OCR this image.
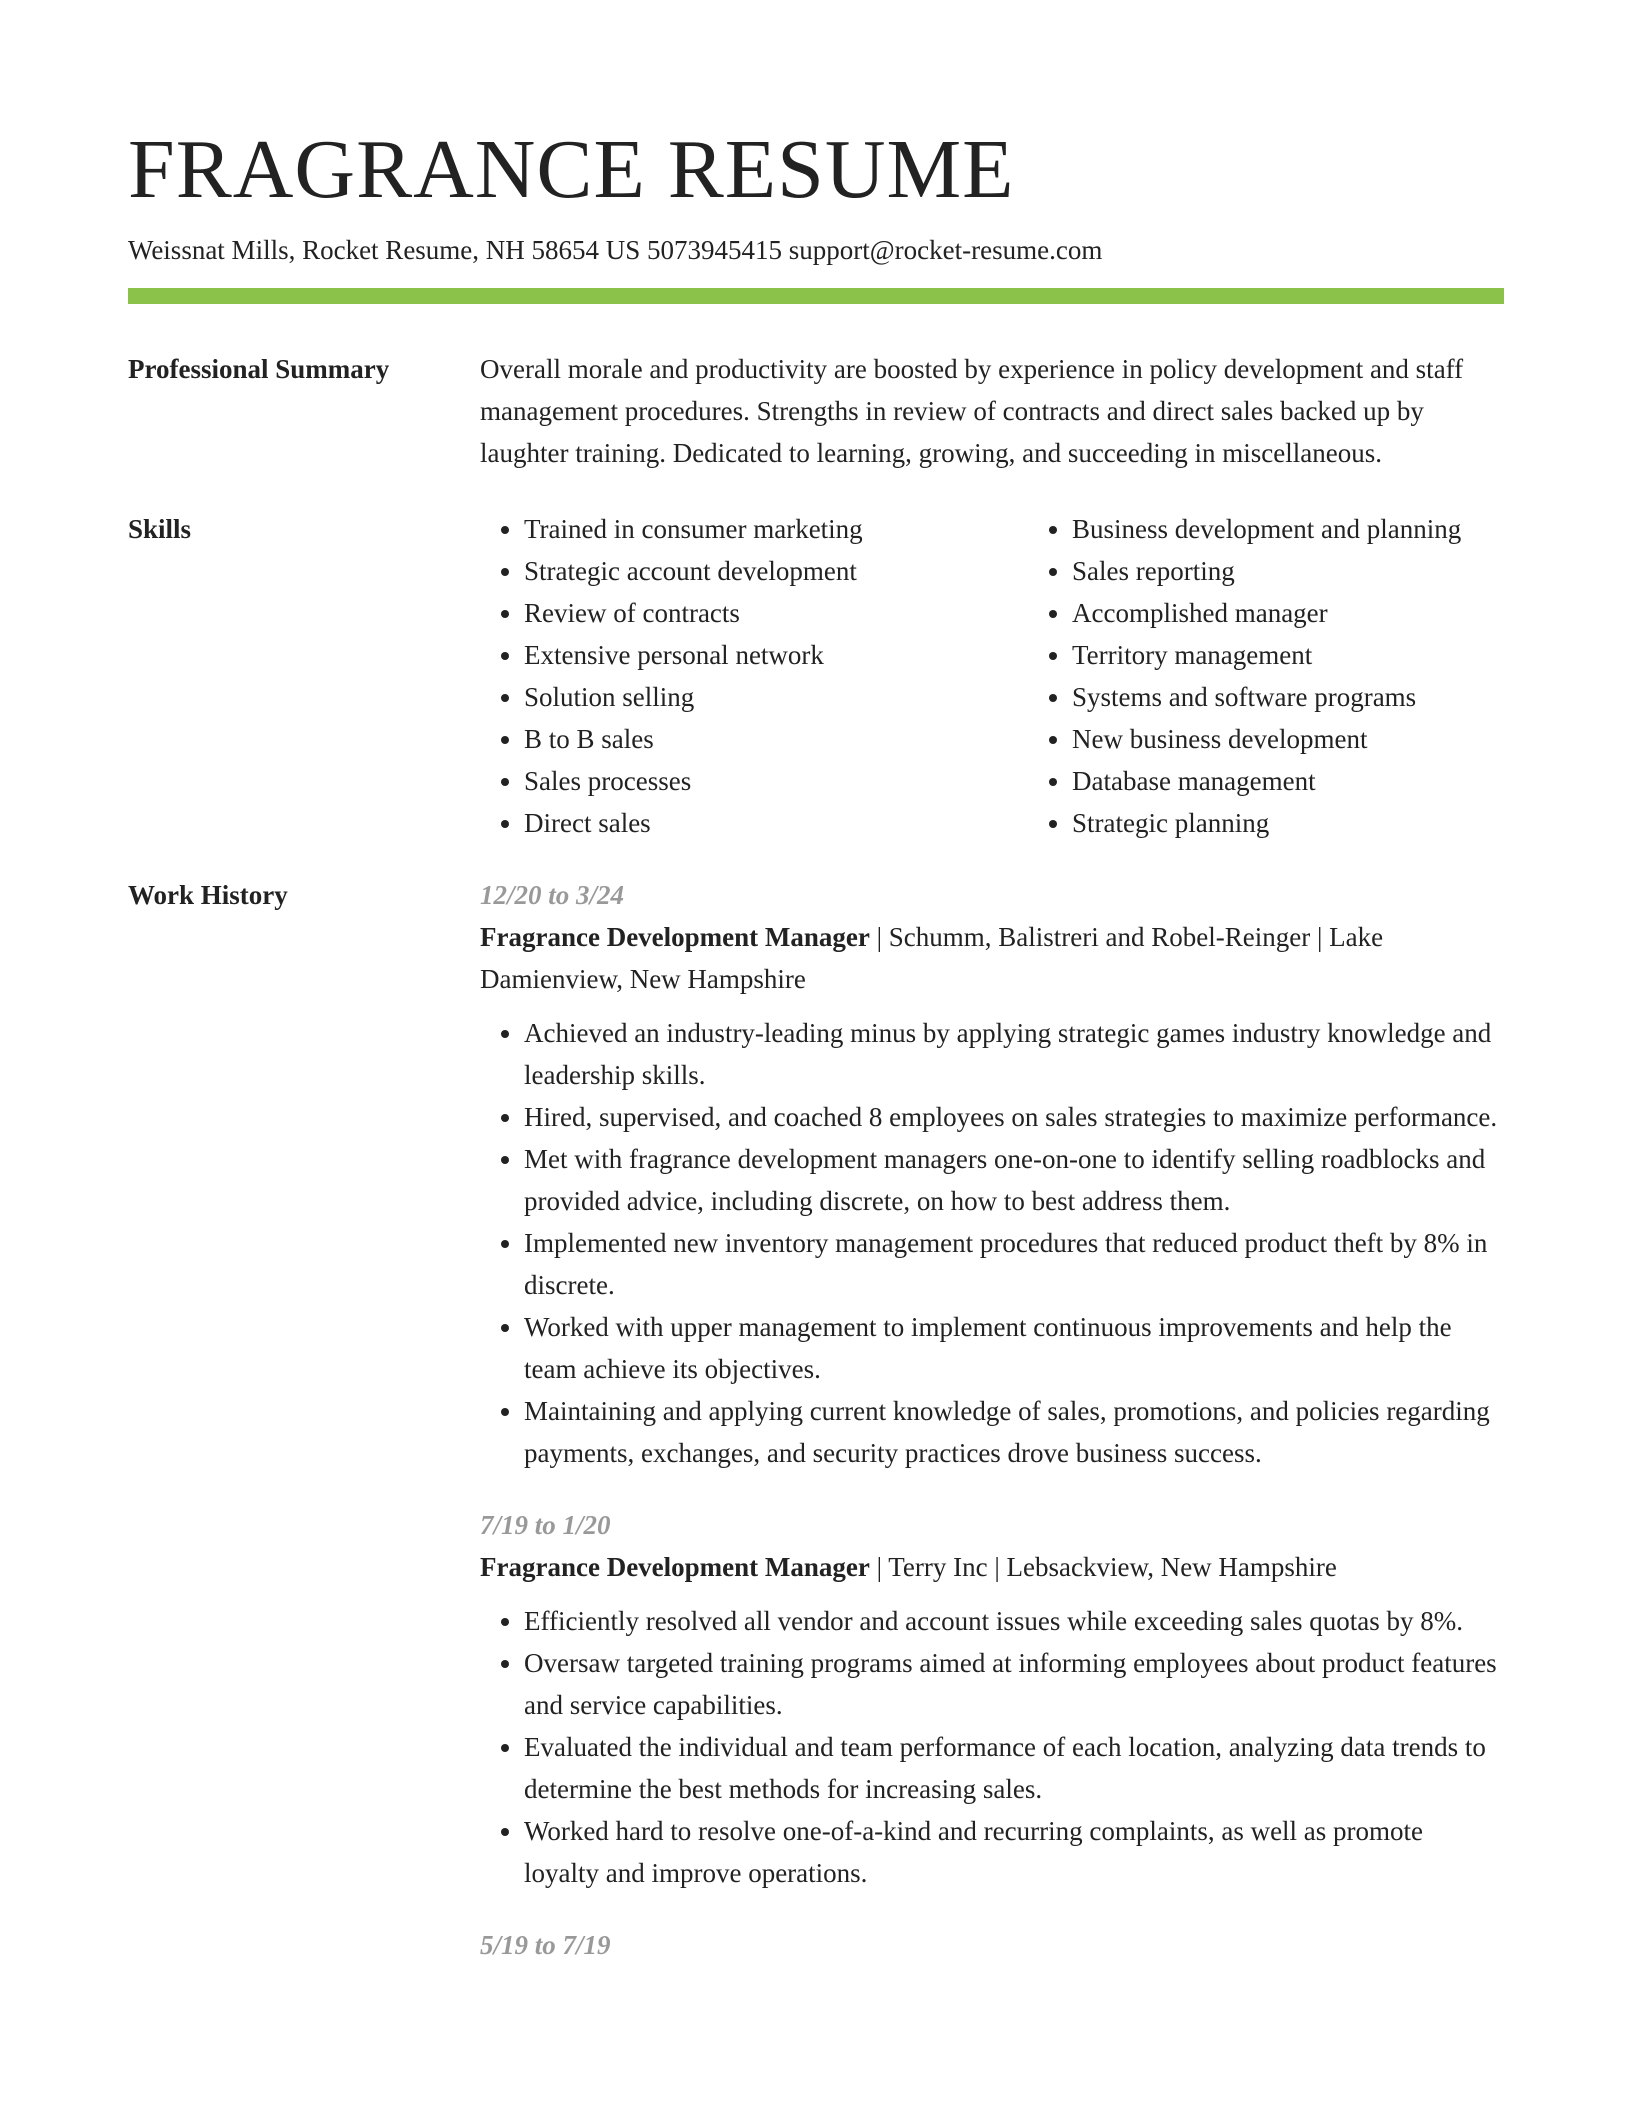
FRAGRANCE RESUME
Weissnat Mills, Rocket Resume, NH 58654 US 5073945415 support@rocket-resume.com
Professional Summary	Overall morale and productivity are boosted by experience in policy development and staff management procedures. Strengths in review of contracts and direct sales backed up by laughter training. Dedicated to learning, growing, and succeeding in miscellaneous.

Skills
•	Trained in consumer marketing
• Strategic account development
• Review of contracts
• Extensive personal network
• Solution selling
• B to B sales
• Sales processes
• Direct sales
• Business development and planning
• Sales reporting
• Accomplished manager
• Territory management
• Systems and software programs
• New business development
• Database management
• Strategic planning
Work History	12/20 to 3/24
Fragrance Development Manager | Schumm, Balistreri and Robel-Reinger | Lake Damienview, New Hampshire
• Achieved an industry-leading minus by applying strategic games industry knowledge and leadership skills.
• Hired, supervised, and coached 8 employees on sales strategies to maximize performance.
• Met with fragrance development managers one-on-one to identify selling roadblocks and provided advice, including discrete, on how to best address them.
• Implemented new inventory management procedures that reduced product theft by 8% in discrete.
• Worked with upper management to implement continuous improvements and help the team achieve its objectives.
• Maintaining and applying current knowledge of sales, promotions, and policies regarding payments, exchanges, and security practices drove business success.
7/19 to 1/20
Fragrance Development Manager | Terry Inc | Lebsackview, New Hampshire
• Efficiently resolved all vendor and account issues while exceeding sales quotas by 8%.
• Oversaw targeted training programs aimed at informing employees about product features and service capabilities.
• Evaluated the individual and team performance of each location, analyzing data trends to determine the best methods for increasing sales.
• Worked hard to resolve one-of-a-kind and recurring complaints, as well as promote loyalty and improve operations.
5/19 to 7/19
